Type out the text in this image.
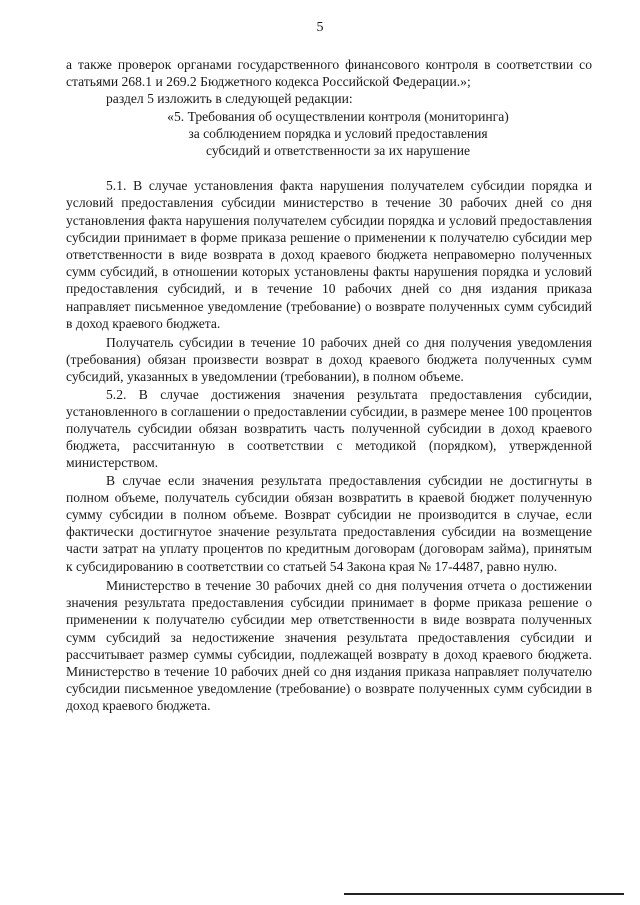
5

а также проверок органами государственного финансового контроля в соответствии со статьями 268.1 и 269.2 Бюджетного кодекса Российской Федерации.»;

раздел 5 изложить в следующей редакции:

«5. Требования об осуществлении контроля (мониторинга)
за соблюдением порядка и условий предоставления
субсидий и ответственности за их нарушение

5.1. В случае установления факта нарушения получателем субсидии порядка и условий предоставления субсидии министерство в течение 30 рабочих дней со дня установления факта нарушения получателем субсидии порядка и условий предоставления субсидии принимает в форме приказа решение о применении к получателю субсидии мер ответственности в виде возврата в доход краевого бюджета неправомерно полученных сумм субсидий, в отношении которых установлены факты нарушения порядка и условий предоставления субсидий, и в течение 10 рабочих дней со дня издания приказа направляет письменное уведомление (требование) о возврате полученных сумм субсидий в доход краевого бюджета.

Получатель субсидии в течение 10 рабочих дней со дня получения уведомления (требования) обязан произвести возврат в доход краевого бюджета полученных сумм субсидий, указанных в уведомлении (требовании), в полном объеме.

5.2. В случае достижения значения результата предоставления субсидии, установленного в соглашении о предоставлении субсидии, в размере менее 100 процентов получатель субсидии обязан возвратить часть полученной субсидии в доход краевого бюджета, рассчитанную в соответствии с методикой (порядком), утвержденной министерством.

В случае если значения результата предоставления субсидии не достигнуты в полном объеме, получатель субсидии обязан возвратить в краевой бюджет полученную сумму субсидии в полном объеме. Возврат субсидии не производится в случае, если фактически достигнутое значение результата предоставления субсидии на возмещение части затрат на уплату процентов по кредитным договорам (договорам займа), принятым к субсидированию в соответствии со статьей 54 Закона края № 17-4487, равно нулю.

Министерство в течение 30 рабочих дней со дня получения отчета о достижении значения результата предоставления субсидии принимает в форме приказа решение о применении к получателю субсидии мер ответственности в виде возврата полученных сумм субсидий за недостижение значения результата предоставления субсидии и рассчитывает размер суммы субсидии, подлежащей возврату в доход краевого бюджета. Министерство в течение 10 рабочих дней со дня издания приказа направляет получателю субсидии письменное уведомление (требование) о возврате полученных сумм субсидии в доход краевого бюджета.
